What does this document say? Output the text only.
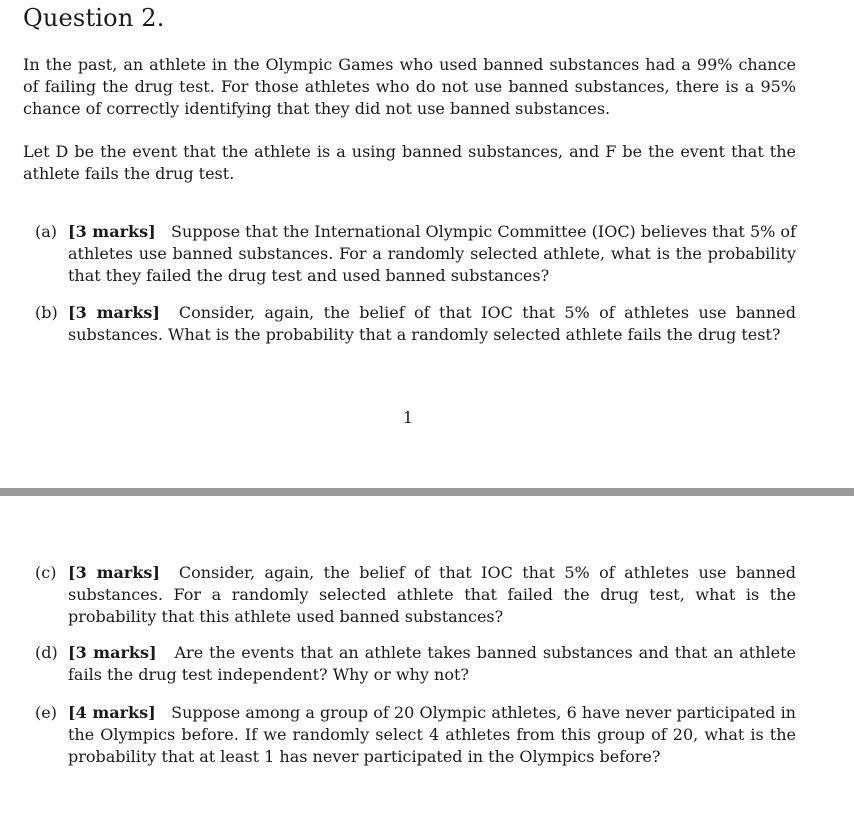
Question 2.
In the past, an athlete in the Olympic Games who used banned substances had a 99% chance of failing the drug test. For those athletes who do not use banned substances, there is a 95% chance of correctly identifying that they did not use banned substances.
Let D be the event that the athlete is a using banned substances, and F be the event that the athlete fails the drug test.
(a) [3 marks] Suppose that the International Olympic Committee (IOC) believes that 5% of athletes use banned substances. For a randomly selected athlete, what is the probability that they failed the drug test and used banned substances?
(b) [3 marks] Consider, again, the belief of that IOC that 5% of athletes use banned substances. What is the probability that a randomly selected athlete fails the drug test?
1
(c) [3 marks] Consider, again, the belief of that IOC that 5% of athletes use banned substances. For a randomly selected athlete that failed the drug test, what is the probability that this athlete used banned substances?
(d) [3 marks] Are the events that an athlete takes banned substances and that an athlete fails the drug test independent? Why or why not?
(e) [4 marks] Suppose among a group of 20 Olympic athletes, 6 have never participated in the Olympics before. If we randomly select 4 athletes from this group of 20, what is the probability that at least 1 has never participated in the Olympics before?
